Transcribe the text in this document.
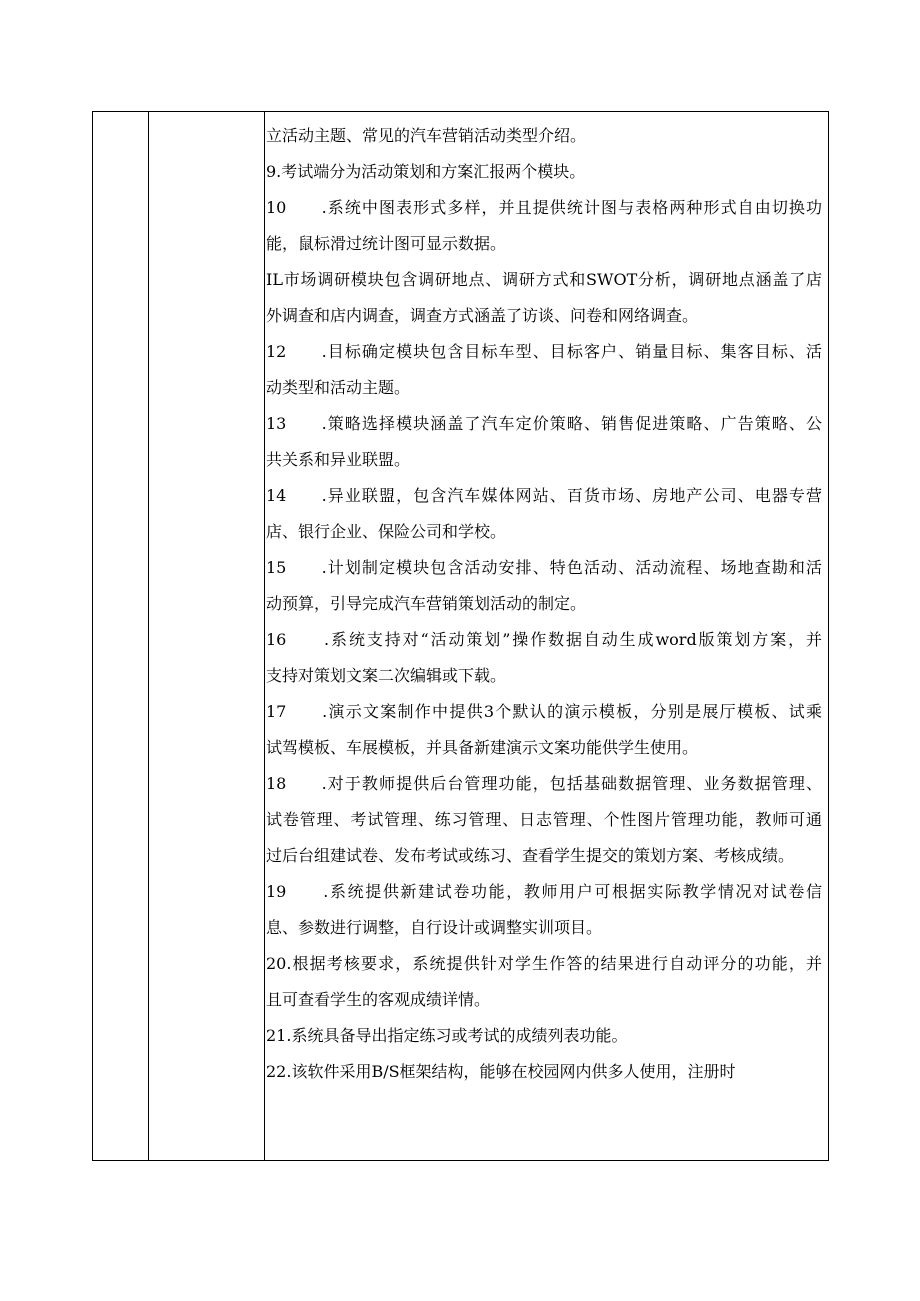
立活动主题、常见的汽车营销活动类型介绍。
9.考试端分为活动策划和方案汇报两个模块。
10　　.系统中图表形式多样，并且提供统计图与表格两种形式自由切换功
能，鼠标滑过统计图可显示数据。
IL市场调研模块包含调研地点、调研方式和SWOT分析，调研地点涵盖了店
外调查和店内调查，调查方式涵盖了访谈、问卷和网络调查。
12　　.目标确定模块包含目标车型、目标客户、销量目标、集客目标、活
动类型和活动主题。
13　　.策略选择模块涵盖了汽车定价策略、销售促进策略、广告策略、公
共关系和异业联盟。
14　　.异业联盟，包含汽车媒体网站、百货市场、房地产公司、电器专营
店、银行企业、保险公司和学校。
15　　.计划制定模块包含活动安排、特色活动、活动流程、场地查勘和活
动预算，引导完成汽车营销策划活动的制定。
16　　.系统支持对“活动策划”操作数据自动生成word版策划方案，并
支持对策划文案二次编辑或下载。
17　　.演示文案制作中提供3个默认的演示模板，分别是展厅模板、试乘
试驾模板、车展模板，并具备新建演示文案功能供学生使用。
18　　.对于教师提供后台管理功能，包括基础数据管理、业务数据管理、
试卷管理、考试管理、练习管理、日志管理、个性图片管理功能，教师可通
过后台组建试卷、发布考试或练习、查看学生提交的策划方案、考核成绩。
19　　.系统提供新建试卷功能，教师用户可根据实际教学情况对试卷信
息、参数进行调整，自行设计或调整实训项目。
20.根据考核要求，系统提供针对学生作答的结果进行自动评分的功能，并
且可查看学生的客观成绩详情。
21.系统具备导出指定练习或考试的成绩列表功能。
22.该软件采用B/S框架结构，能够在校园网内供多人使用，注册时
